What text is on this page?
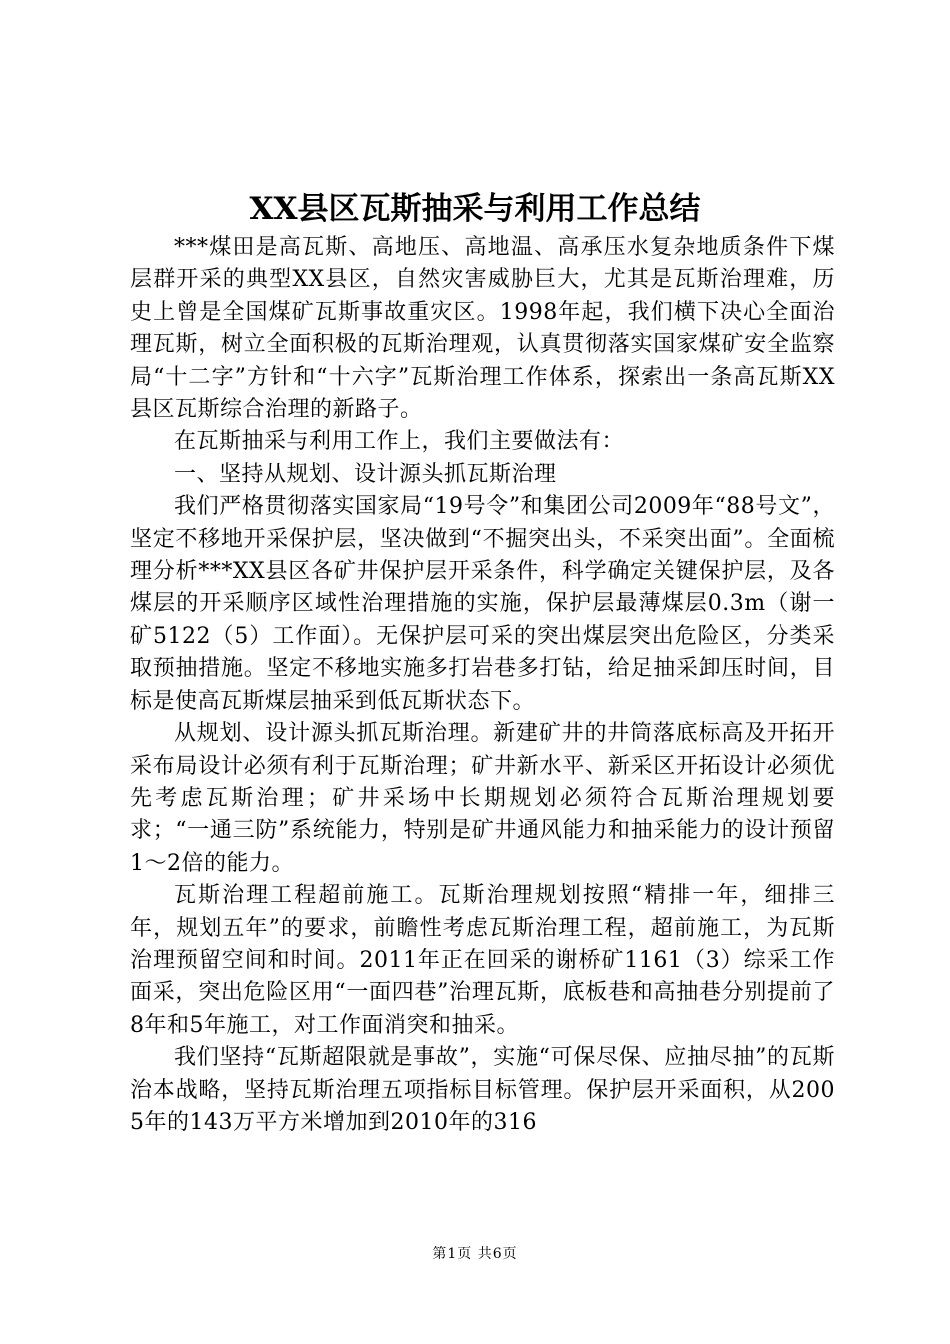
XX县区瓦斯抽采与利用工作总结

***煤田是高瓦斯、高地压、高地温、高承压水复杂地质条件下煤层群开采的典型XX县区，自然灾害威胁巨大，尤其是瓦斯治理难，历史上曾是全国煤矿瓦斯事故重灾区。1998年起，我们横下决心全面治理瓦斯，树立全面积极的瓦斯治理观，认真贯彻落实国家煤矿安全监察局“十二字”方针和“十六字”瓦斯治理工作体系，探索出一条高瓦斯XX县区瓦斯综合治理的新路子。

在瓦斯抽采与利用工作上，我们主要做法有：

一、坚持从规划、设计源头抓瓦斯治理

我们严格贯彻落实国家局“19号令”和集团公司2009年“88号文”，坚定不移地开采保护层，坚决做到“不掘突出头，不采突出面”。全面梳理分析***XX县区各矿井保护层开采条件，科学确定关键保护层，及各煤层的开采顺序区域性治理措施的实施，保护层最薄煤层0.3m（谢一矿5122（5）工作面）。无保护层可采的突出煤层突出危险区，分类采取预抽措施。坚定不移地实施多打岩巷多打钻，给足抽采卸压时间，目标是使高瓦斯煤层抽采到低瓦斯状态下。

从规划、设计源头抓瓦斯治理。新建矿井的井筒落底标高及开拓开采布局设计必须有利于瓦斯治理；矿井新水平、新采区开拓设计必须优先考虑瓦斯治理；矿井采场中长期规划必须符合瓦斯治理规划要求；“一通三防”系统能力，特别是矿井通风能力和抽采能力的设计预留1～2倍的能力。

瓦斯治理工程超前施工。瓦斯治理规划按照“精排一年，细排三年，规划五年”的要求，前瞻性考虑瓦斯治理工程，超前施工，为瓦斯治理预留空间和时间。2011年正在回采的谢桥矿1161（3）综采工作面采，突出危险区用“一面四巷”治理瓦斯，底板巷和高抽巷分别提前了8年和5年施工，对工作面消突和抽采。

我们坚持“瓦斯超限就是事故”，实施“可保尽保、应抽尽抽”的瓦斯治本战略，坚持瓦斯治理五项指标目标管理。保护层开采面积，从2005年的143万平方米增加到2010年的316

第1页 共6页
